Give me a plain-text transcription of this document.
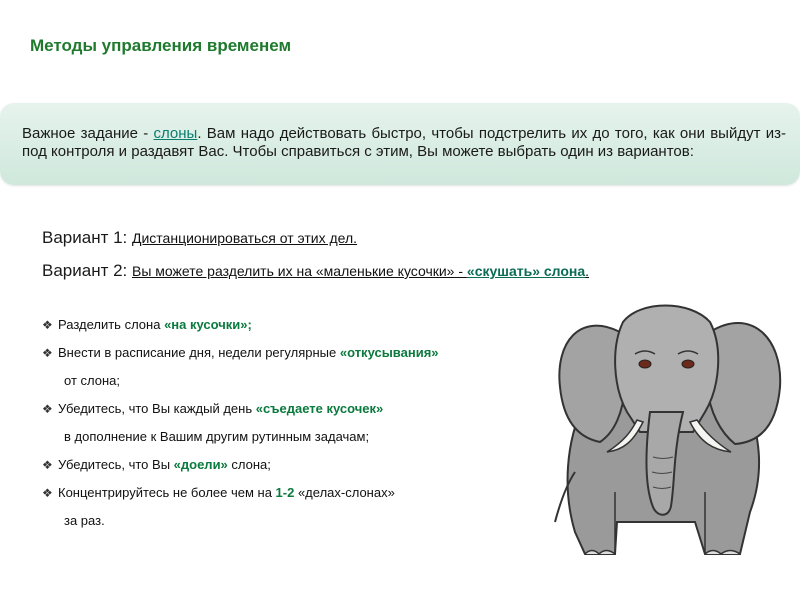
Методы управления временем
Важное задание - слоны. Вам надо действовать быстро, чтобы подстрелить их до того, как они выйдут из-под контроля и раздавят Вас. Чтобы справиться с этим, Вы можете выбрать один из вариантов:
Вариант 1: Дистанционироваться от этих дел.
Вариант 2: Вы можете разделить их на «маленькие кусочки» - «скушать» слона.
❖ Разделить слона «на кусочки»;
❖ Внести в расписание дня, недели регулярные «откусывания»
от слона;
❖ Убедитесь, что Вы каждый день «съедаете кусочек»
в дополнение к Вашим другим рутинным задачам;
❖ Убедитесь, что Вы «доели» слона;
❖ Концентрируйтесь не более чем на 1-2 «делах-слонах»
за раз.
